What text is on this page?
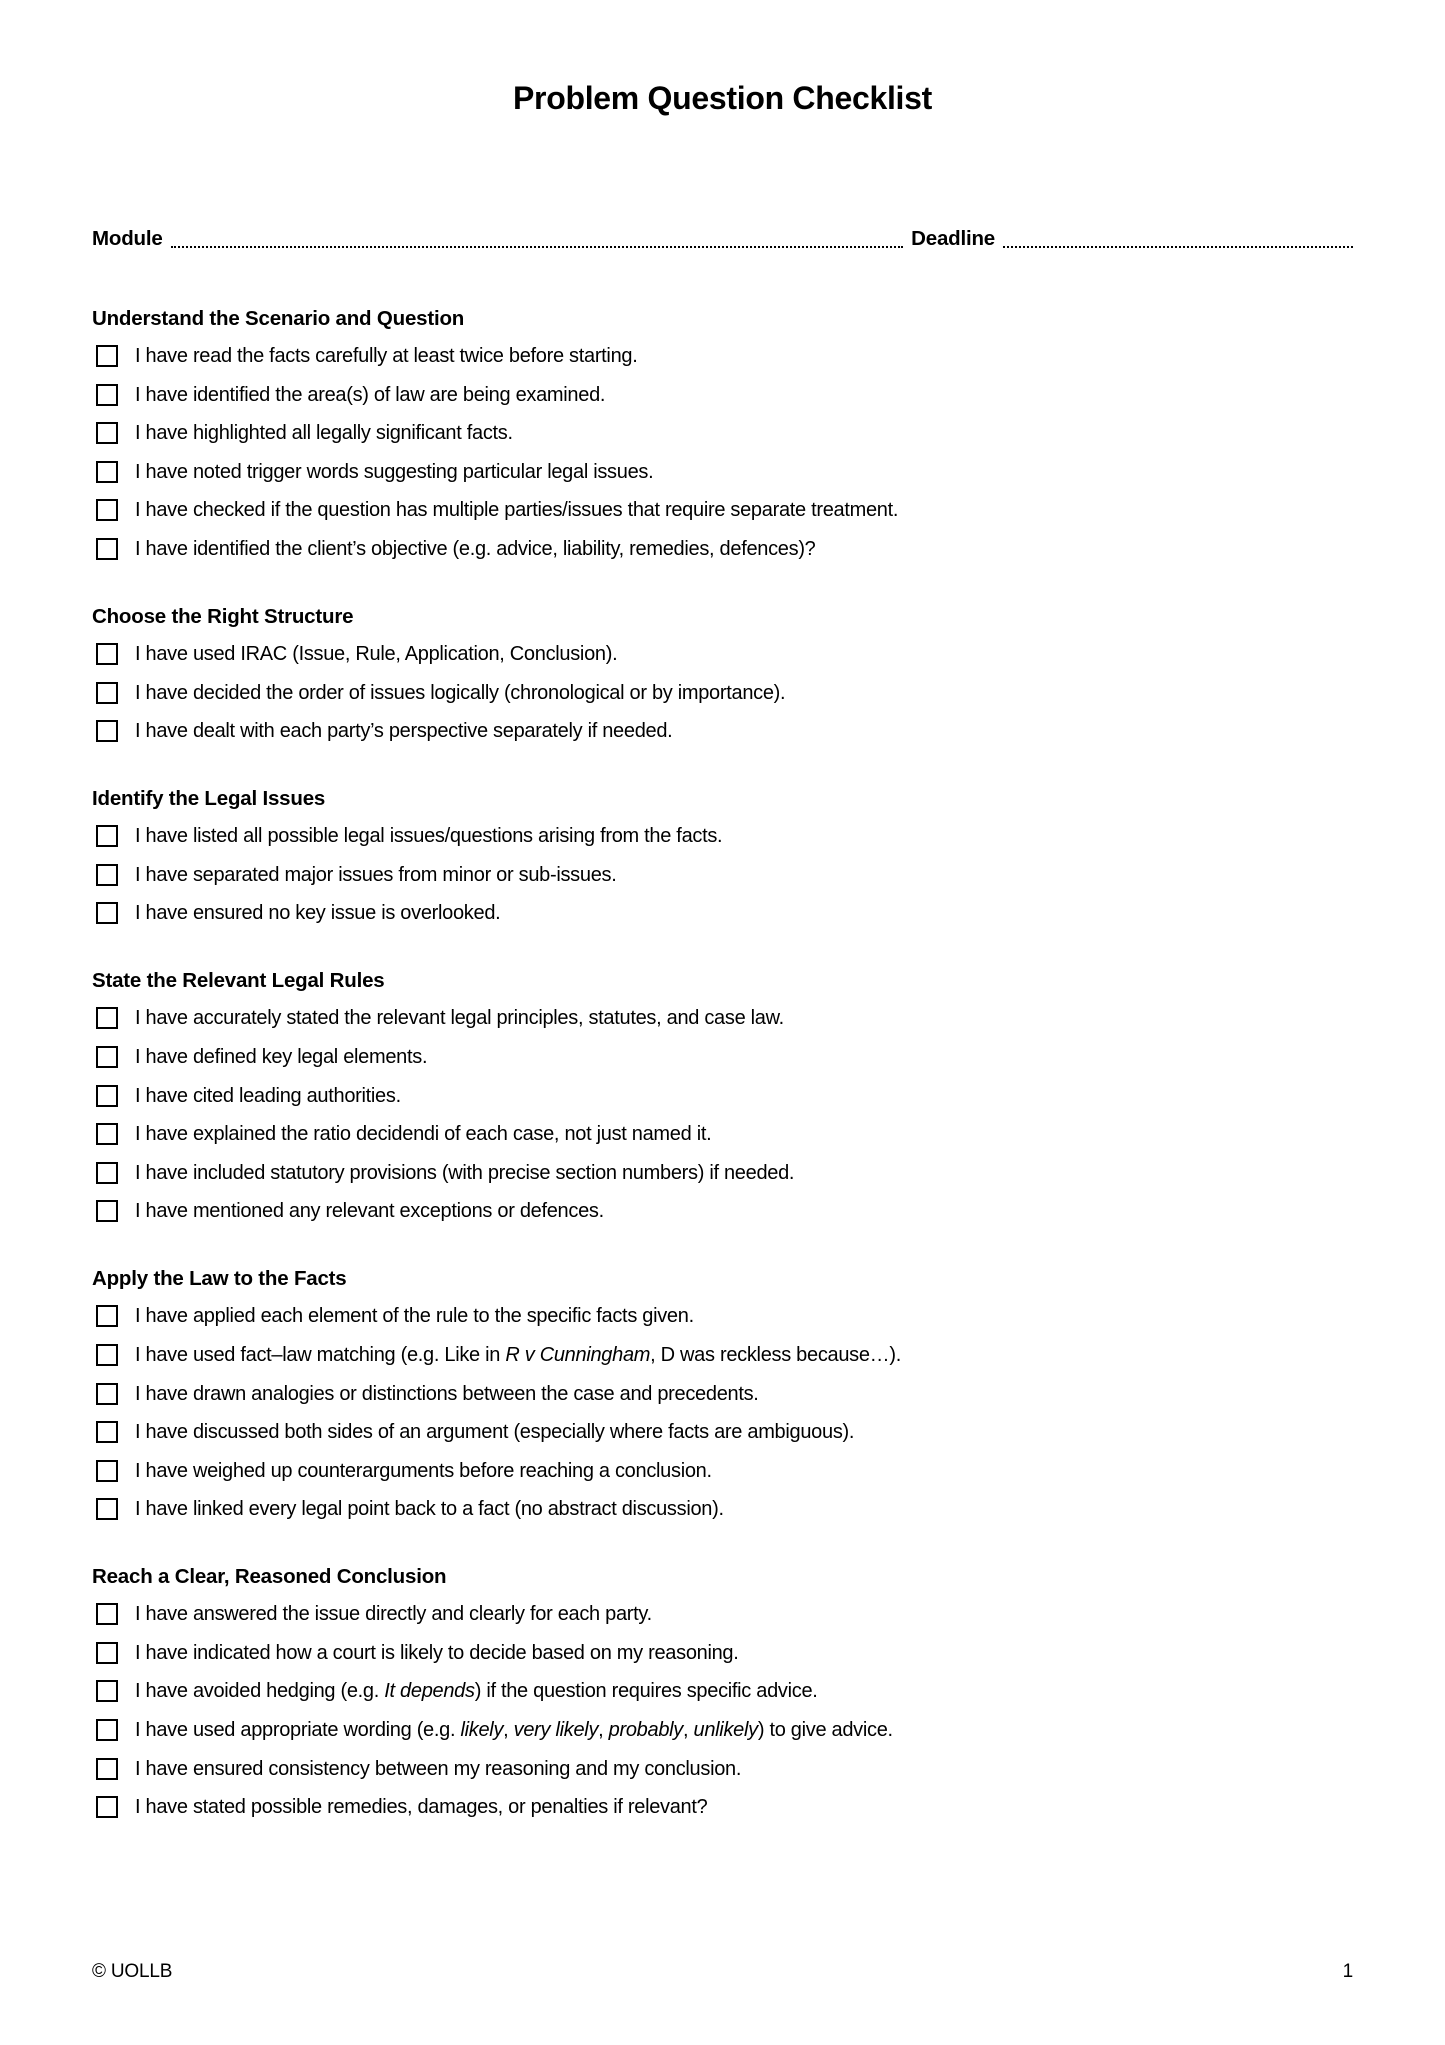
Problem Question Checklist
Module	Deadline
Understand the Scenario and Question
I have read the facts carefully at least twice before starting.
I have identified the area(s) of law are being examined.
I have highlighted all legally significant facts.
I have noted trigger words suggesting particular legal issues.
I have checked if the question has multiple parties/issues that require separate treatment.
I have identified the client’s objective (e.g. advice, liability, remedies, defences)?
Choose the Right Structure
I have used IRAC (Issue, Rule, Application, Conclusion).
I have decided the order of issues logically (chronological or by importance).
I have dealt with each party’s perspective separately if needed.
Identify the Legal Issues
I have listed all possible legal issues/questions arising from the facts.
I have separated major issues from minor or sub-issues.
I have ensured no key issue is overlooked.
State the Relevant Legal Rules
I have accurately stated the relevant legal principles, statutes, and case law.
I have defined key legal elements.
I have cited leading authorities.
I have explained the ratio decidendi of each case, not just named it.
I have included statutory provisions (with precise section numbers) if needed.
I have mentioned any relevant exceptions or defences.
Apply the Law to the Facts
I have applied each element of the rule to the specific facts given.
I have used fact–law matching (e.g. Like in R v Cunningham, D was reckless because…).
I have drawn analogies or distinctions between the case and precedents.
I have discussed both sides of an argument (especially where facts are ambiguous).
I have weighed up counterarguments before reaching a conclusion.
I have linked every legal point back to a fact (no abstract discussion).
Reach a Clear, Reasoned Conclusion
I have answered the issue directly and clearly for each party.
I have indicated how a court is likely to decide based on my reasoning.
I have avoided hedging (e.g. It depends) if the question requires specific advice.
I have used appropriate wording (e.g. likely, very likely, probably, unlikely) to give advice.
I have ensured consistency between my reasoning and my conclusion.
I have stated possible remedies, damages, or penalties if relevant?
© UOLLB	1
